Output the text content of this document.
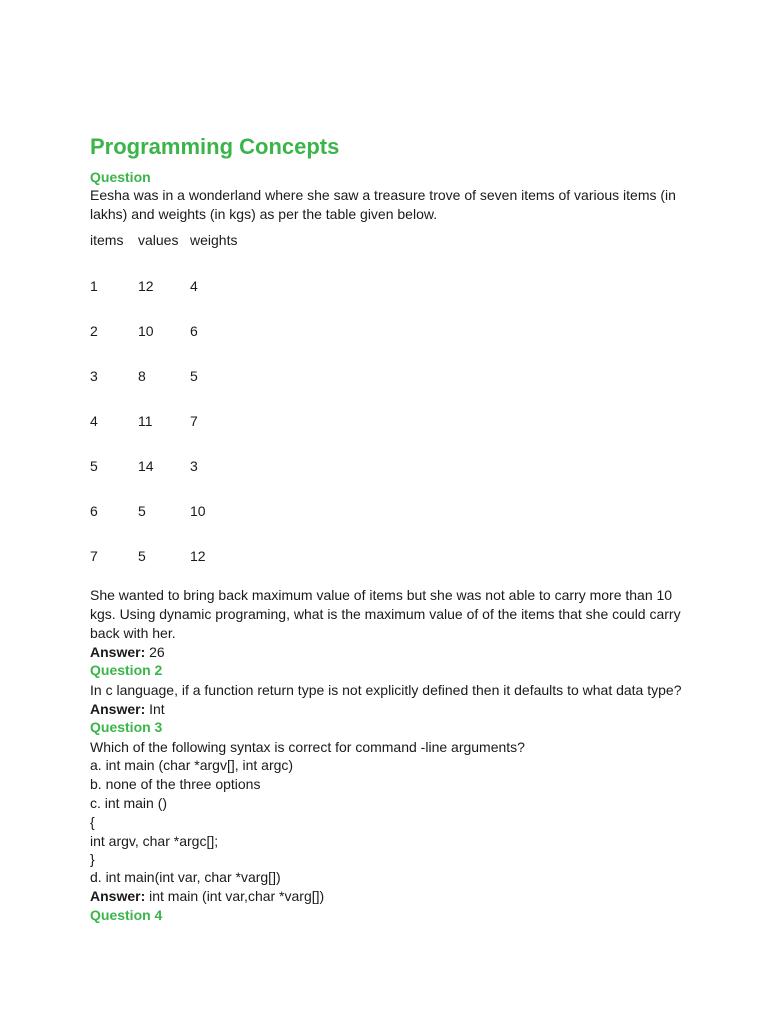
Programming Concepts
Question
Eesha was in a wonderland where she saw a treasure trove of seven items of various items (in
lakhs) and weights (in kgs) as per the table given below.
items values weights
1	12	4
2	10	6
3	8	5
4	11	7
5	14	3
6	5	10
7	5	12
She wanted to bring back maximum value of items but she was not able to carry more than 10
kgs. Using dynamic programing, what is the maximum value of of the items that she could carry
back with her.
Answer: 26
Question 2
In c language, if a function return type is not explicitly defined then it defaults to what data type?
Answer: Int
Question 3
Which of the following syntax is correct for command -line arguments?
a. int main (char *argv[], int argc)
b. none of the three options
c. int main ()
{
int argv, char *argc[];
}
d. int main(int var, char *varg[])
Answer: int main (int var,char *varg[])
Question 4
